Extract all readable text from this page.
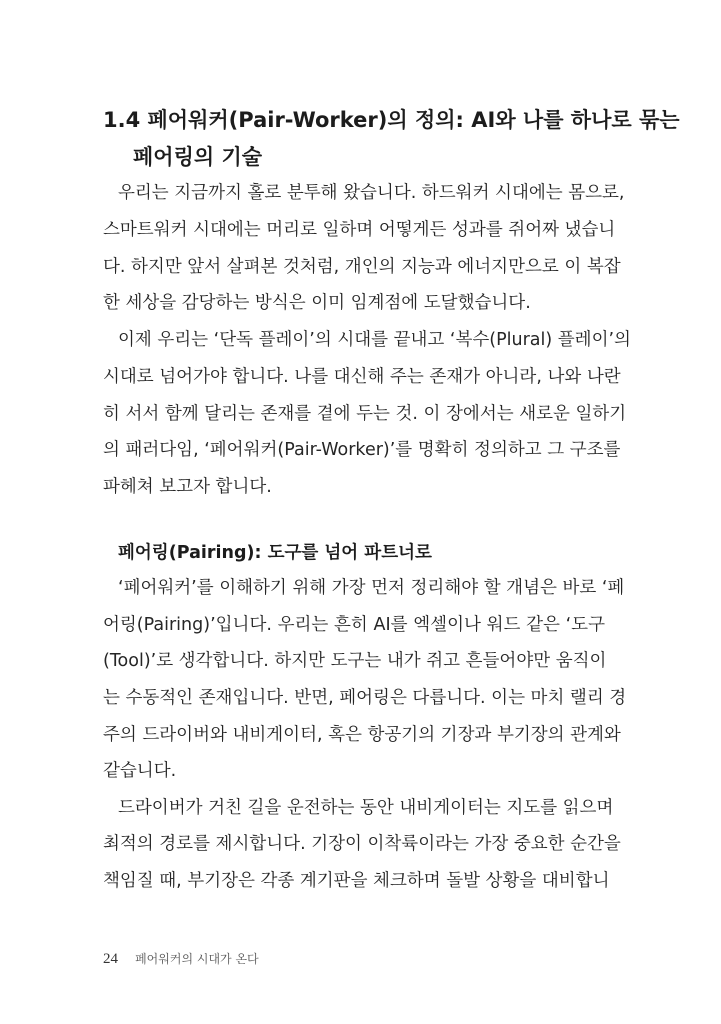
1.4 페어워커(Pair-Worker)의 정의: AI와 나를 하나로 묶는
페어링의 기술
우리는 지금까지 홀로 분투해 왔습니다. 하드워커 시대에는 몸으로,
스마트워커 시대에는 머리로 일하며 어떻게든 성과를 쥐어짜 냈습니
다. 하지만 앞서 살펴본 것처럼, 개인의 지능과 에너지만으로 이 복잡
한 세상을 감당하는 방식은 이미 임계점에 도달했습니다.
이제 우리는 ‘단독 플레이’의 시대를 끝내고 ‘복수(Plural) 플레이’의
시대로 넘어가야 합니다. 나를 대신해 주는 존재가 아니라, 나와 나란
히 서서 함께 달리는 존재를 곁에 두는 것. 이 장에서는 새로운 일하기
의 패러다임, ‘페어워커(Pair-Worker)’를 명확히 정의하고 그 구조를
파헤쳐 보고자 합니다.
페어링(Pairing): 도구를 넘어 파트너로
‘페어워커’를 이해하기 위해 가장 먼저 정리해야 할 개념은 바로 ‘페
어링(Pairing)’입니다. 우리는 흔히 AI를 엑셀이나 워드 같은 ‘도구
(Tool)’로 생각합니다. 하지만 도구는 내가 쥐고 흔들어야만 움직이
는 수동적인 존재입니다. 반면, 페어링은 다릅니다. 이는 마치 랠리 경
주의 드라이버와 내비게이터, 혹은 항공기의 기장과 부기장의 관계와
같습니다.
드라이버가 거친 길을 운전하는 동안 내비게이터는 지도를 읽으며
최적의 경로를 제시합니다. 기장이 이착륙이라는 가장 중요한 순간을
책임질 때, 부기장은 각종 계기판을 체크하며 돌발 상황을 대비합니
24 페어워커의 시대가 온다
